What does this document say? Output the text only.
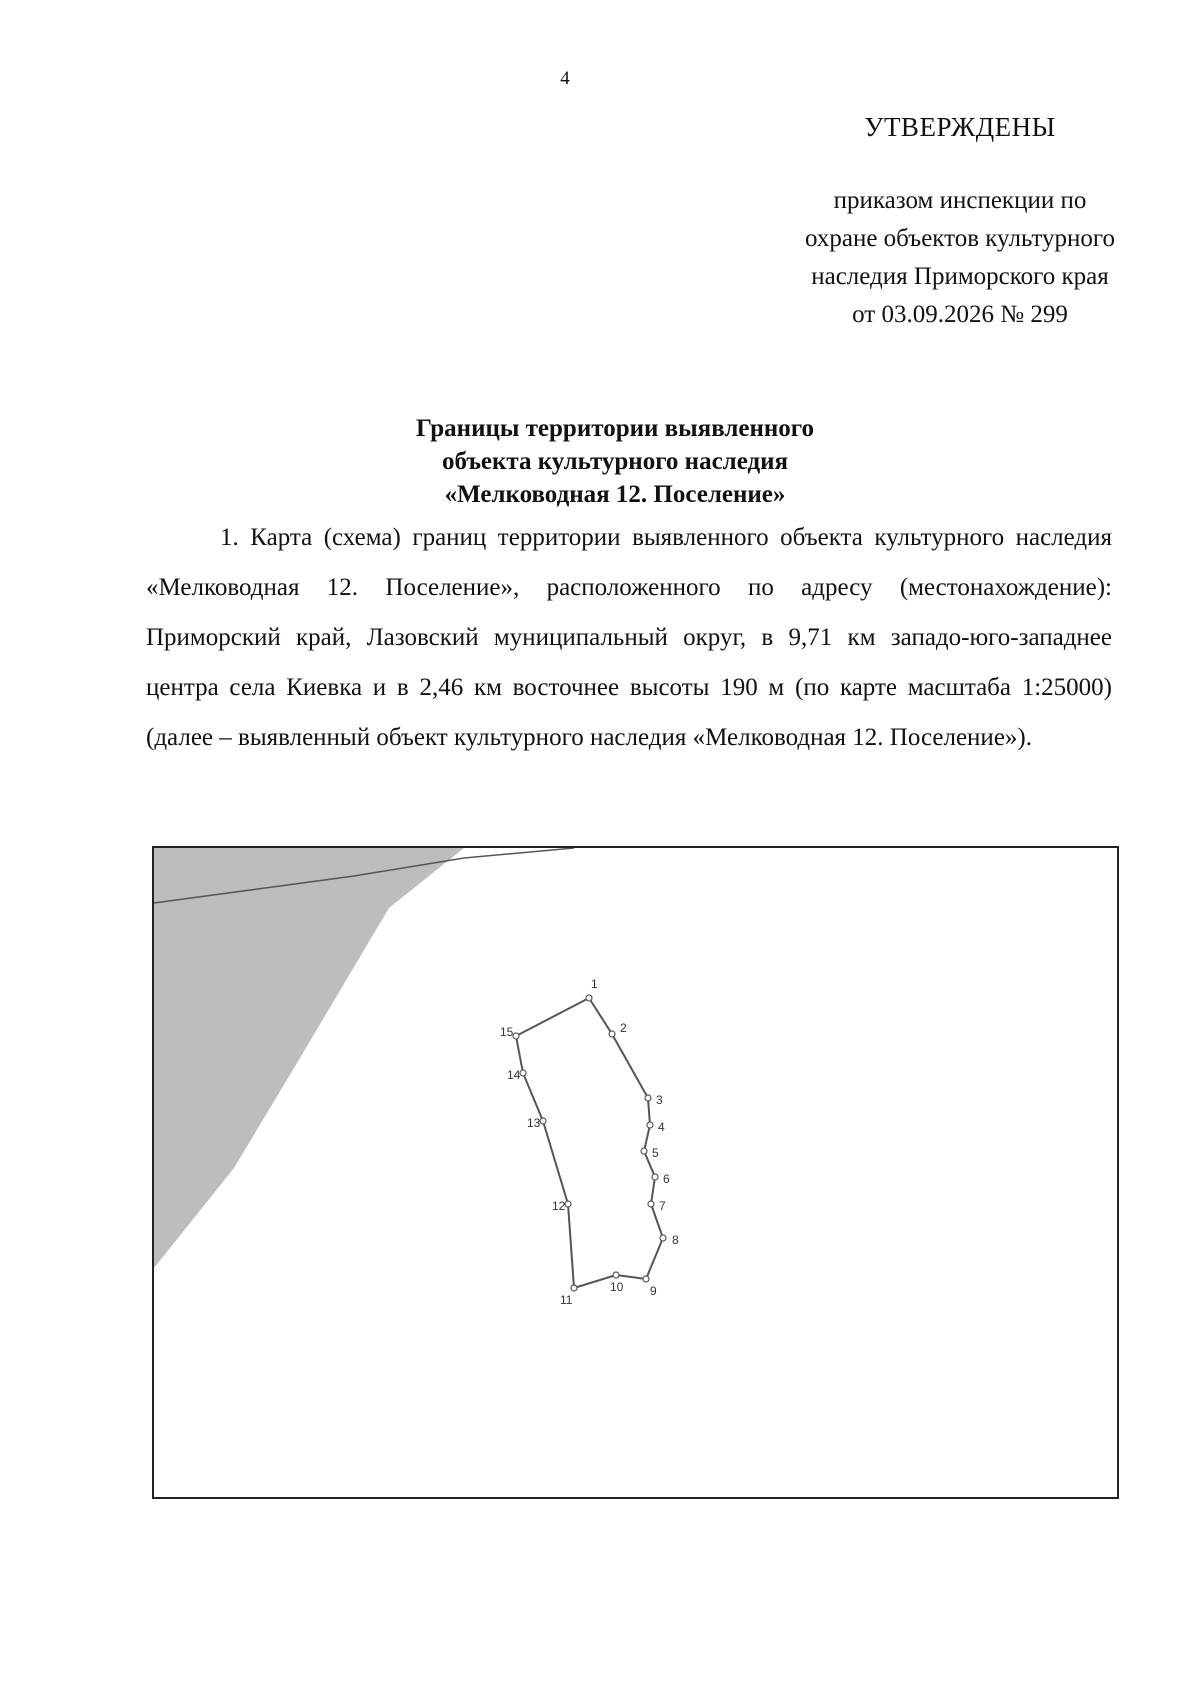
4
УТВЕРЖДЕНЫ
приказом инспекции по
охране объектов культурного
наследия Приморского края
от 03.09.2026 № 299
Границы территории выявленного
объекта культурного наследия
«Мелководная 12. Поселение»

1. Карта (схема) границ территории выявленного объекта культурного наследия «Мелководная 12. Поселение», расположенного по адресу (местонахождение): Приморский край, Лазовский муниципальный округ, в 9,71 км западо-юго-западнее центра села Киевка и в 2,46 км восточнее высоты 190 м (по карте масштаба 1:25000) (далее – выявленный объект культурного наследия «Мелководная 12. Поселение»).

1
2
3
4
5
6
7
8
9
10
11
12
13
14
15
